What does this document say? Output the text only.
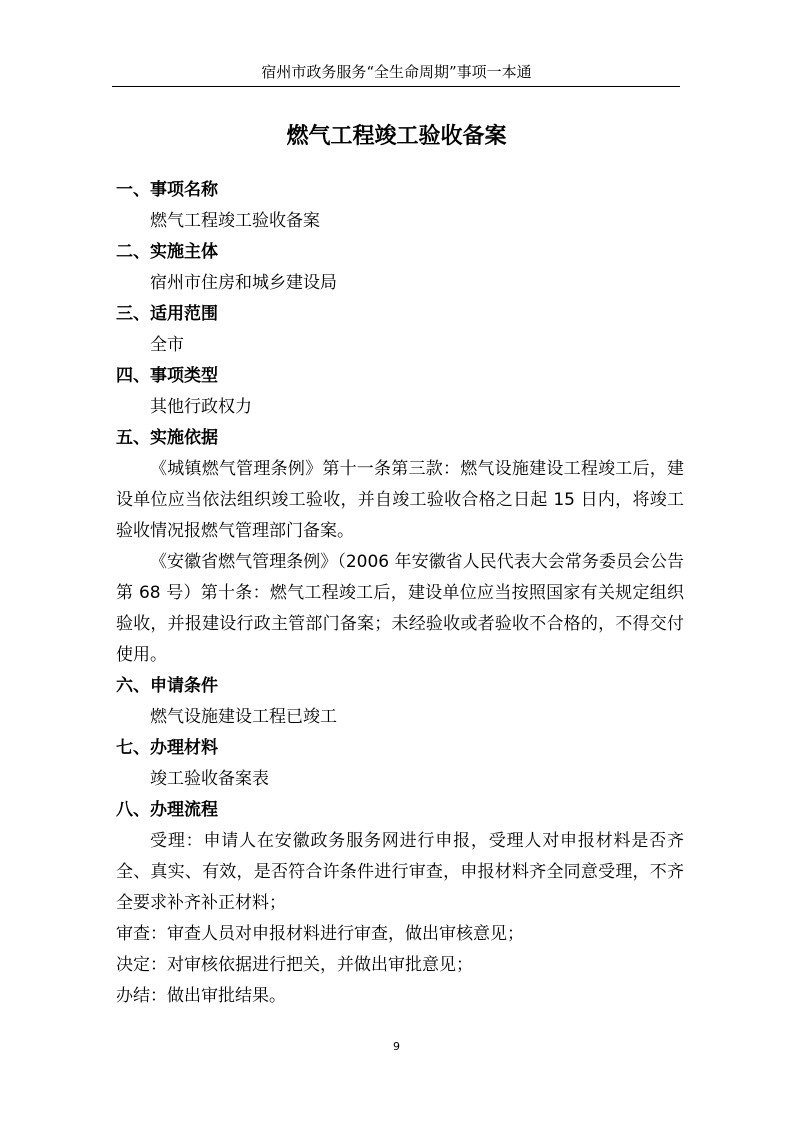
宿州市政务服务“全生命周期”事项一本通
燃气工程竣工验收备案

一、事项名称

燃气工程竣工验收备案

二、实施主体

宿州市住房和城乡建设局

三、适用范围

全市

四、事项类型

其他行政权力

五、实施依据

《城镇燃气管理条例》第十一条第三款：燃气设施建设工程竣工后，建设单位应当依法组织竣工验收，并自竣工验收合格之日起 15 日内，将竣工验收情况报燃气管理部门备案。

《安徽省燃气管理条例》（2006 年安徽省人民代表大会常务委员会公告第 68 号）第十条：燃气工程竣工后，建设单位应当按照国家有关规定组织验收，并报建设行政主管部门备案；未经验收或者验收不合格的，不得交付使用。

六、申请条件

燃气设施建设工程已竣工

七、办理材料

竣工验收备案表

八、办理流程

受理：申请人在安徽政务服务网进行申报，受理人对申报材料是否齐全、真实、有效，是否符合许条件进行审查，申报材料齐全同意受理，不齐全要求补齐补正材料；

审查：审查人员对申报材料进行审查，做出审核意见；

决定：对审核依据进行把关，并做出审批意见；

办结：做出审批结果。

9
